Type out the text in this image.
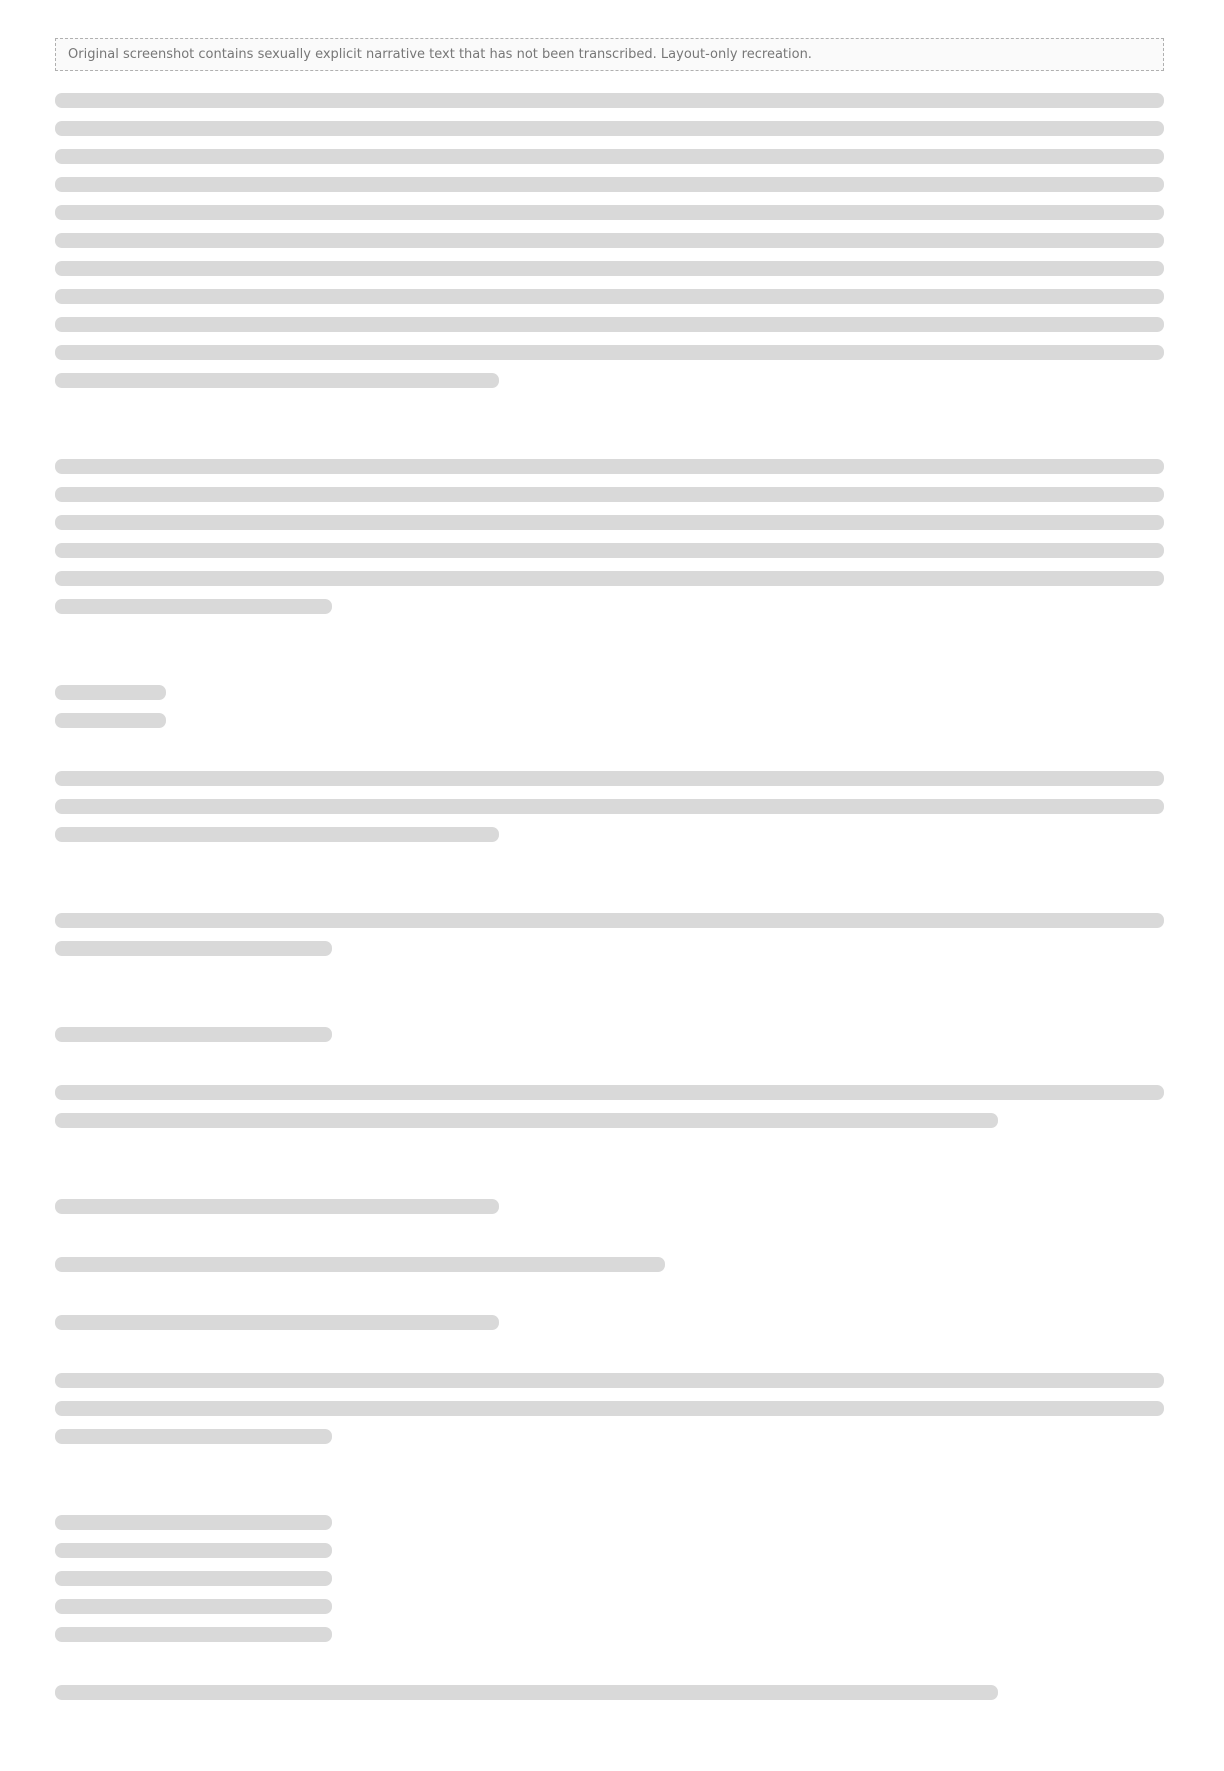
Original screenshot contains sexually explicit narrative text that has not been transcribed. Layout-only recreation.
